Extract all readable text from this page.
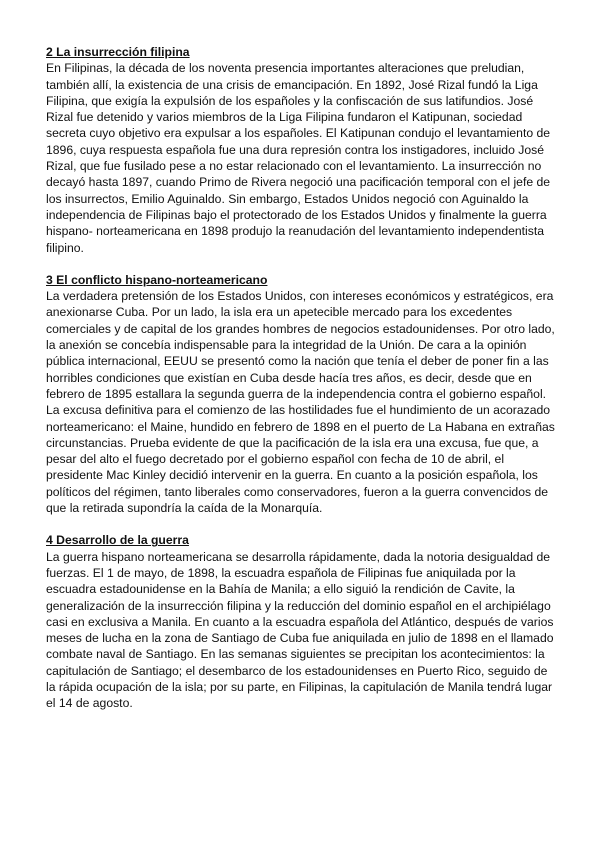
2 La insurrección filipina

En Filipinas, la década de los noventa presencia importantes alteraciones que preludian, también allí, la existencia de una crisis de emancipación. En 1892, José Rizal fundó la Liga Filipina, que exigía la expulsión de los españoles y la confiscación de sus latifundios. José Rizal fue detenido y varios miembros de la Liga Filipina fundaron el Katipunan, sociedad secreta cuyo objetivo era expulsar a los españoles. El Katipunan condujo el levantamiento de 1896, cuya respuesta española fue una dura represión contra los instigadores, incluido José Rizal, que fue fusilado pese a no estar relacionado con el levantamiento. La insurrección no decayó hasta 1897, cuando Primo de Rivera negoció una pacificación temporal con el jefe de los insurrectos, Emilio Aguinaldo. Sin embargo, Estados Unidos negoció con Aguinaldo la independencia de Filipinas bajo el protectorado de los Estados Unidos y finalmente la guerra hispano- norteamericana en 1898 produjo la reanudación del levantamiento independentista filipino.

3 El conflicto hispano-norteamericano

La verdadera pretensión de los Estados Unidos, con intereses económicos y estratégicos, era anexionarse Cuba. Por un lado, la isla era un apetecible mercado para los excedentes comerciales y de capital de los grandes hombres de negocios estadounidenses. Por otro lado, la anexión se concebía indispensable para la integridad de la Unión. De cara a la opinión pública internacional, EEUU se presentó como la nación que tenía el deber de poner fin a las horribles condiciones que existían en Cuba desde hacía tres años, es decir, desde que en febrero de 1895 estallara la segunda guerra de la independencia contra el gobierno español. La excusa definitiva para el comienzo de las hostilidades fue el hundimiento de un acorazado norteamericano: el Maine, hundido en febrero de 1898 en el puerto de La Habana en extrañas circunstancias. Prueba evidente de que la pacificación de la isla era una excusa, fue que, a pesar del alto el fuego decretado por el gobierno español con fecha de 10 de abril, el presidente Mac Kinley decidió intervenir en la guerra. En cuanto a la posición española, los políticos del régimen, tanto liberales como conservadores, fueron a la guerra convencidos de que la retirada supondría la caída de la Monarquía.

4 Desarrollo de la guerra

La guerra hispano norteamericana se desarrolla rápidamente, dada la notoria desigualdad de fuerzas. El 1 de mayo, de 1898, la escuadra española de Filipinas fue aniquilada por la escuadra estadounidense en la Bahía de Manila; a ello siguió la rendición de Cavite, la generalización de la insurrección filipina y la reducción del dominio español en el archipiélago casi en exclusiva a Manila. En cuanto a la escuadra española del Atlántico, después de varios meses de lucha en la zona de Santiago de Cuba fue aniquilada en julio de 1898 en el llamado combate naval de Santiago. En las semanas siguientes se precipitan los acontecimientos: la capitulación de Santiago; el desembarco de los estadounidenses en Puerto Rico, seguido de la rápida ocupación de la isla; por su parte, en Filipinas, la capitulación de Manila tendrá lugar el 14 de agosto.
